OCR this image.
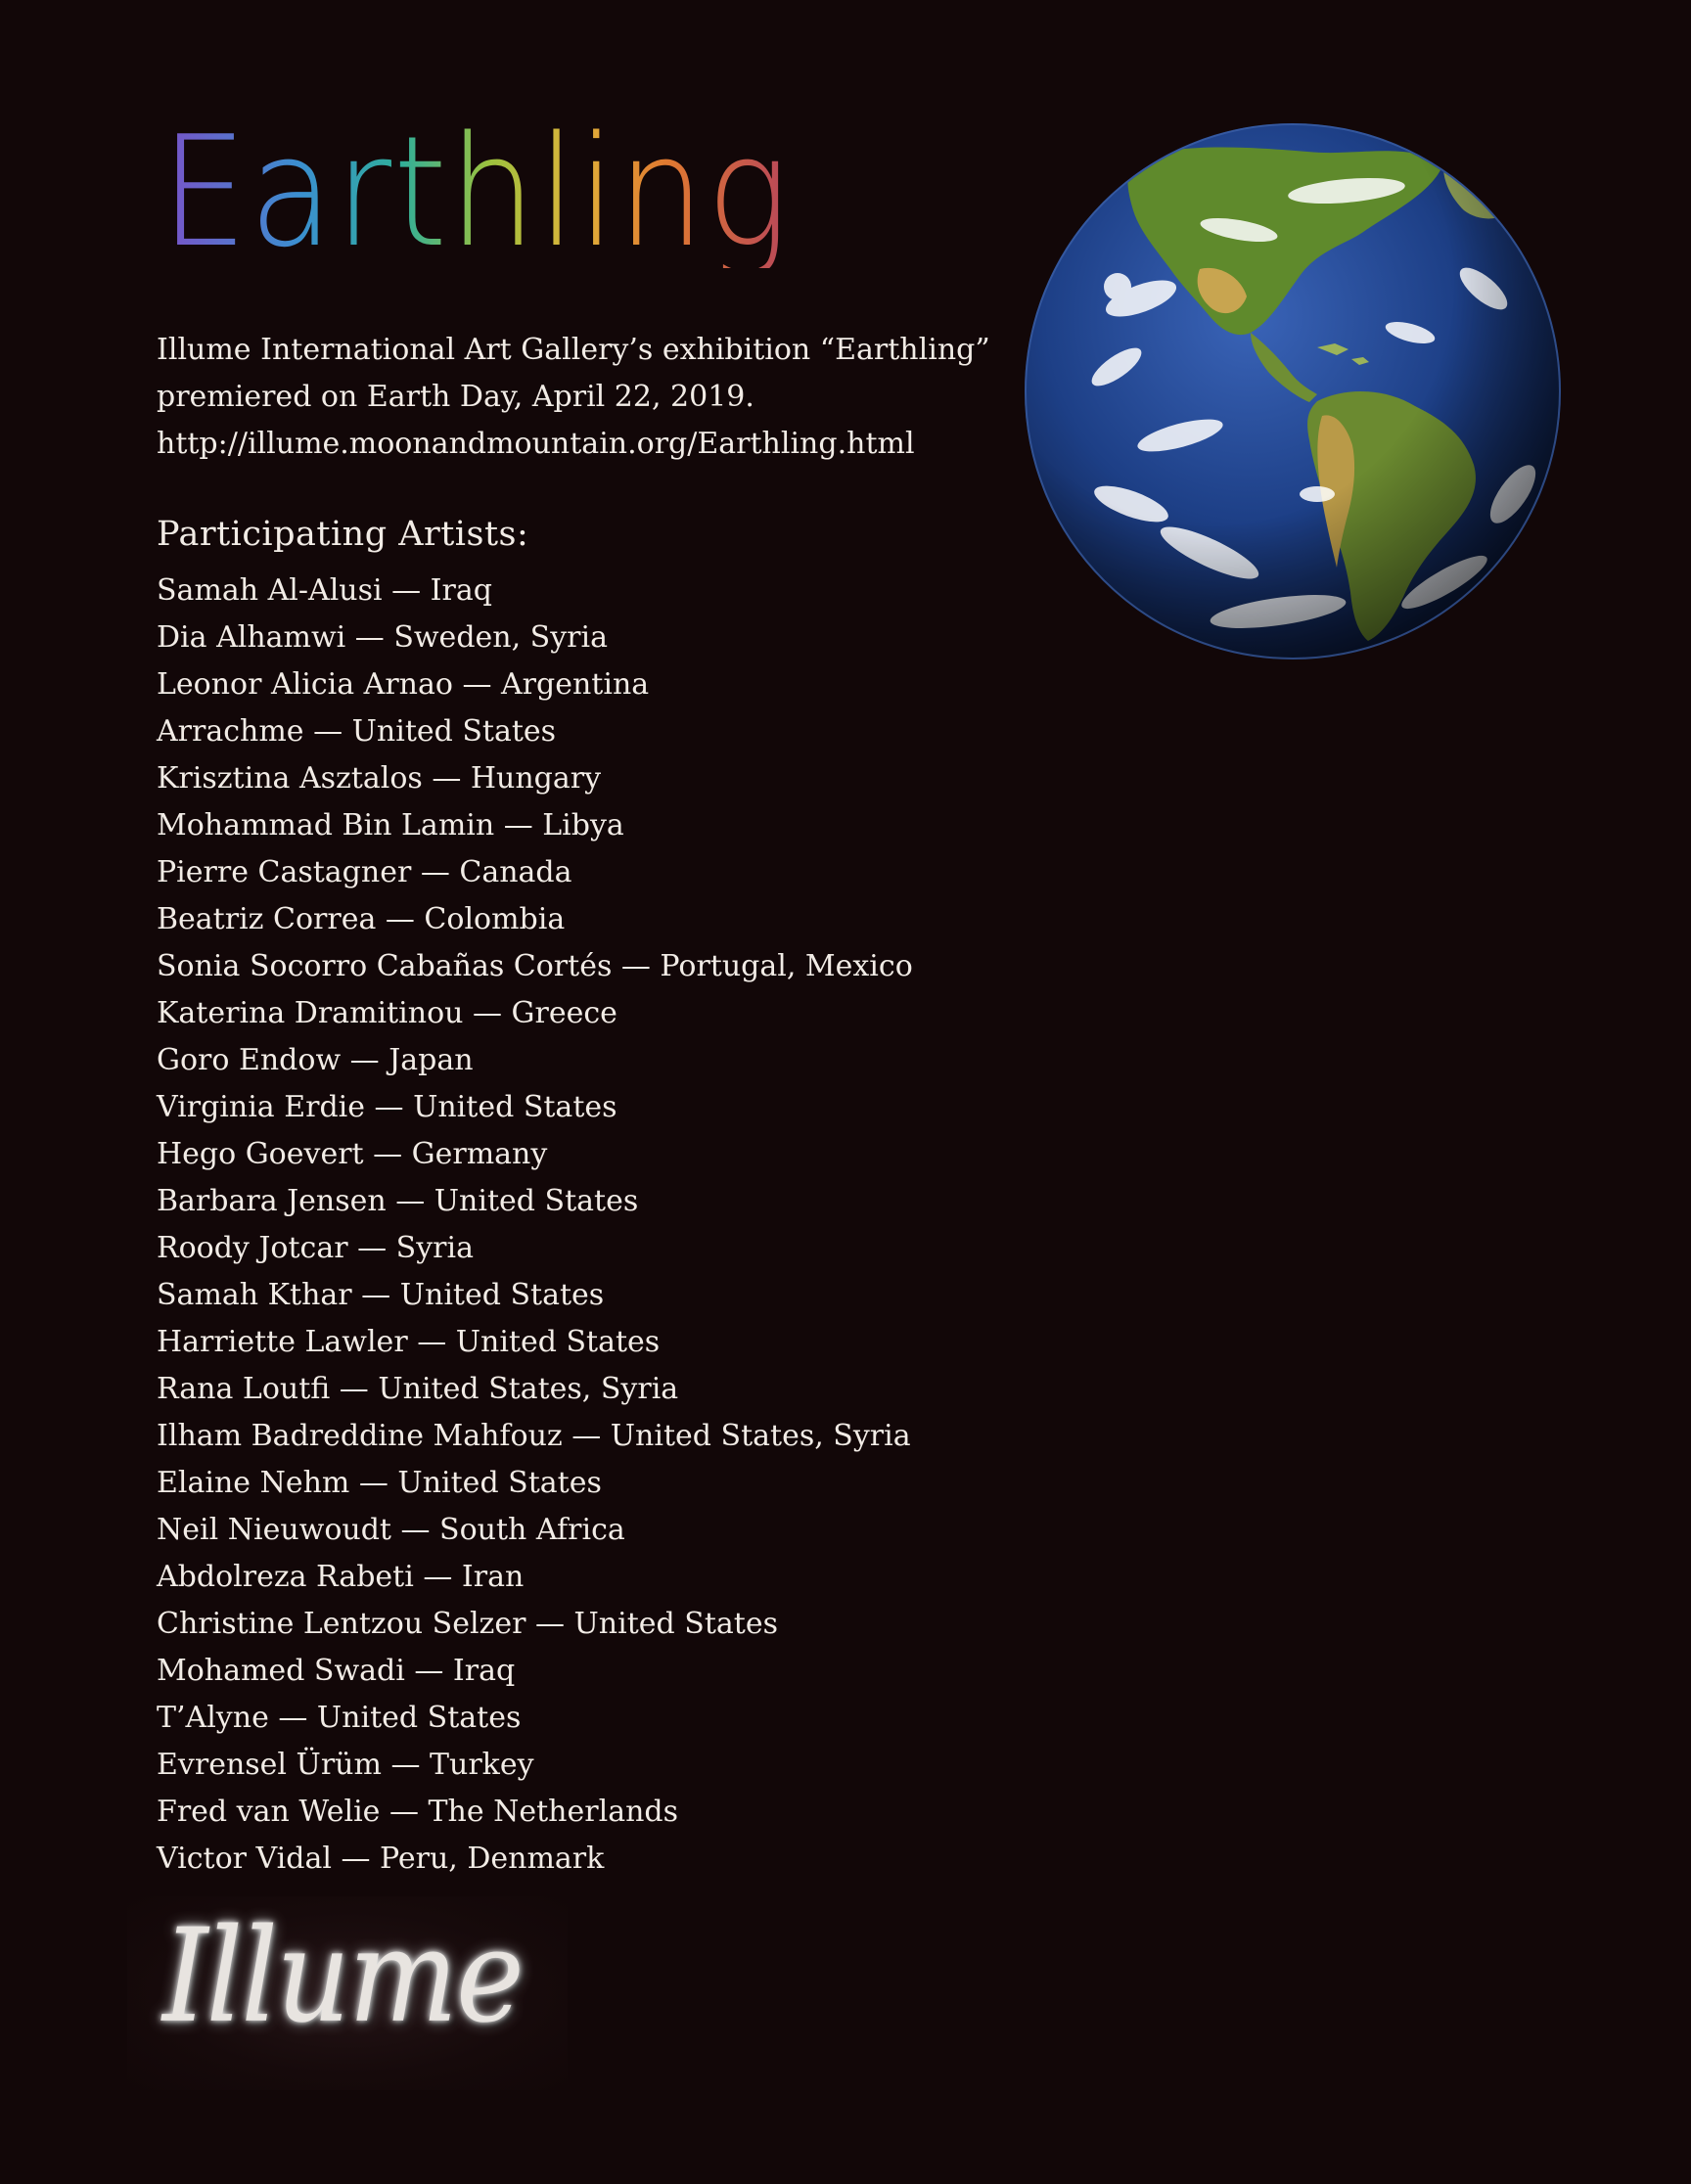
Earthling
Illume International Art Gallery’s exhibition “Earthling”
premiered on Earth Day, April 22, 2019.
http://illume.moonandmountain.org/Earthling.html
Participating Artists:
Samah Al-Alusi — Iraq
Dia Alhamwi — Sweden, Syria
Leonor Alicia Arnao — Argentina
Arrachme — United States
Krisztina Asztalos — Hungary
Mohammad Bin Lamin — Libya
Pierre Castagner — Canada
Beatriz Correa — Colombia
Sonia Socorro Cabañas Cortés — Portugal, Mexico
Katerina Dramitinou — Greece
Goro Endow — Japan
Virginia Erdie — United States
Hego Goevert — Germany
Barbara Jensen — United States
Roody Jotcar — Syria
Samah Kthar — United States
Harriette Lawler — United States
Rana Loutfi — United States, Syria
Ilham Badreddine Mahfouz — United States, Syria
Elaine Nehm — United States
Neil Nieuwoudt — South Africa
Abdolreza Rabeti — Iran
Christine Lentzou Selzer — United States
Mohamed Swadi — Iraq
T’Alyne — United States
Evrensel Ürüm — Turkey
Fred van Welie — The Netherlands
Victor Vidal — Peru, Denmark
Illume
